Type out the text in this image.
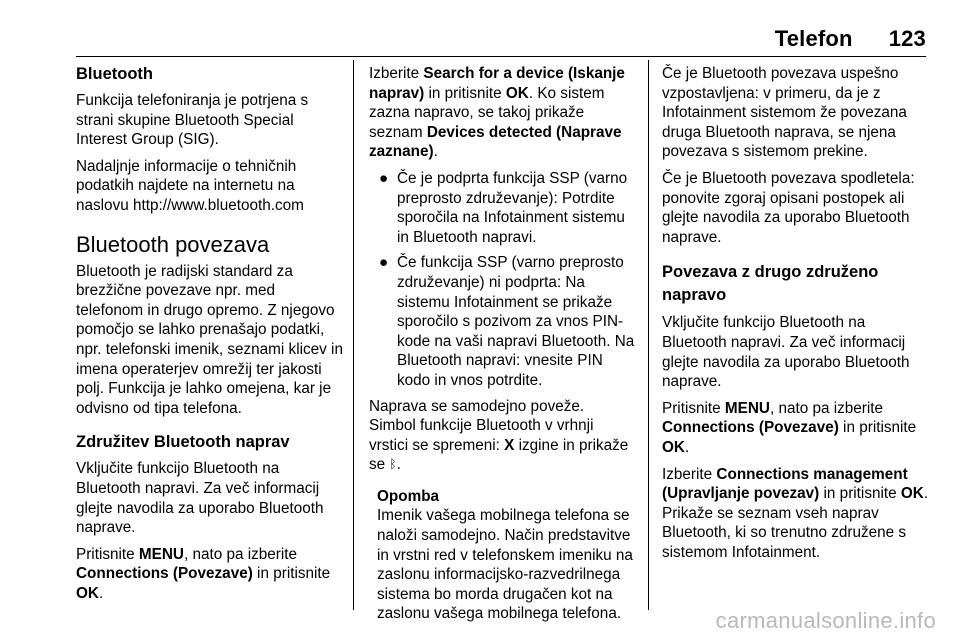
Telefon 123
Bluetooth

Funkcija telefoniranja je potrjena s strani skupine Bluetooth Special Interest Group (SIG).

Nadaljnje informacije o tehničnih podatkih najdete na internetu na naslovu http://www.bluetooth.com

Bluetooth povezava

Bluetooth je radijski standard za brezžične povezave npr. med telefonom in drugo opremo. Z njegovo pomočjo se lahko prenašajo podatki, npr. telefonski imenik, seznami klicev in imena operaterjev omrežij ter jakosti polj. Funkcija je lahko omejena, kar je odvisno od tipa telefona.

Združitev Bluetooth naprav

Vključite funkcijo Bluetooth na Bluetooth napravi. Za več informacij glejte navodila za uporabo Bluetooth naprave.

Pritisnite MENU, nato pa izberite Connections (Povezave) in pritisnite OK.

Izberite Search for a device (Iskanje naprav) in pritisnite OK. Ko sistem zazna napravo, se takoj prikaže seznam Devices detected (Naprave zaznane).

● Če je podprta funkcija SSP (varno preprosto združevanje): Potrdite sporočila na Infotainment sistemu in Bluetooth napravi.
● Če funkcija SSP (varno preprosto združevanje) ni podprta: Na sistemu Infotainment se prikaže sporočilo s pozivom za vnos PIN-kode na vaši napravi Bluetooth. Na Bluetooth napravi: vnesite PIN kodo in vnos potrdite.

Naprava se samodejno poveže. Simbol funkcije Bluetooth v vrhnji vrstici se spremeni: X izgine in prikaže se ᛒ.

Opomba
Imenik vašega mobilnega telefona se naloži samodejno. Način predstavitve in vrstni red v telefonskem imeniku na zaslonu informacijsko-razvedrilnega sistema bo morda drugačen kot na zaslonu vašega mobilnega telefona.

Če je Bluetooth povezava uspešno vzpostavljena: v primeru, da je z Infotainment sistemom že povezana druga Bluetooth naprava, se njena povezava s sistemom prekine.

Če je Bluetooth povezava spodletela: ponovite zgoraj opisani postopek ali glejte navodila za uporabo Bluetooth naprave.

Povezava z drugo združeno napravo

Vključite funkcijo Bluetooth na Bluetooth napravi. Za več informacij glejte navodila za uporabo Bluetooth naprave.

Pritisnite MENU, nato pa izberite Connections (Povezave) in pritisnite OK.

Izberite Connections management (Upravljanje povezav) in pritisnite OK. Prikaže se seznam vseh naprav Bluetooth, ki so trenutno združene s sistemom Infotainment.

carmanualsonline.info
